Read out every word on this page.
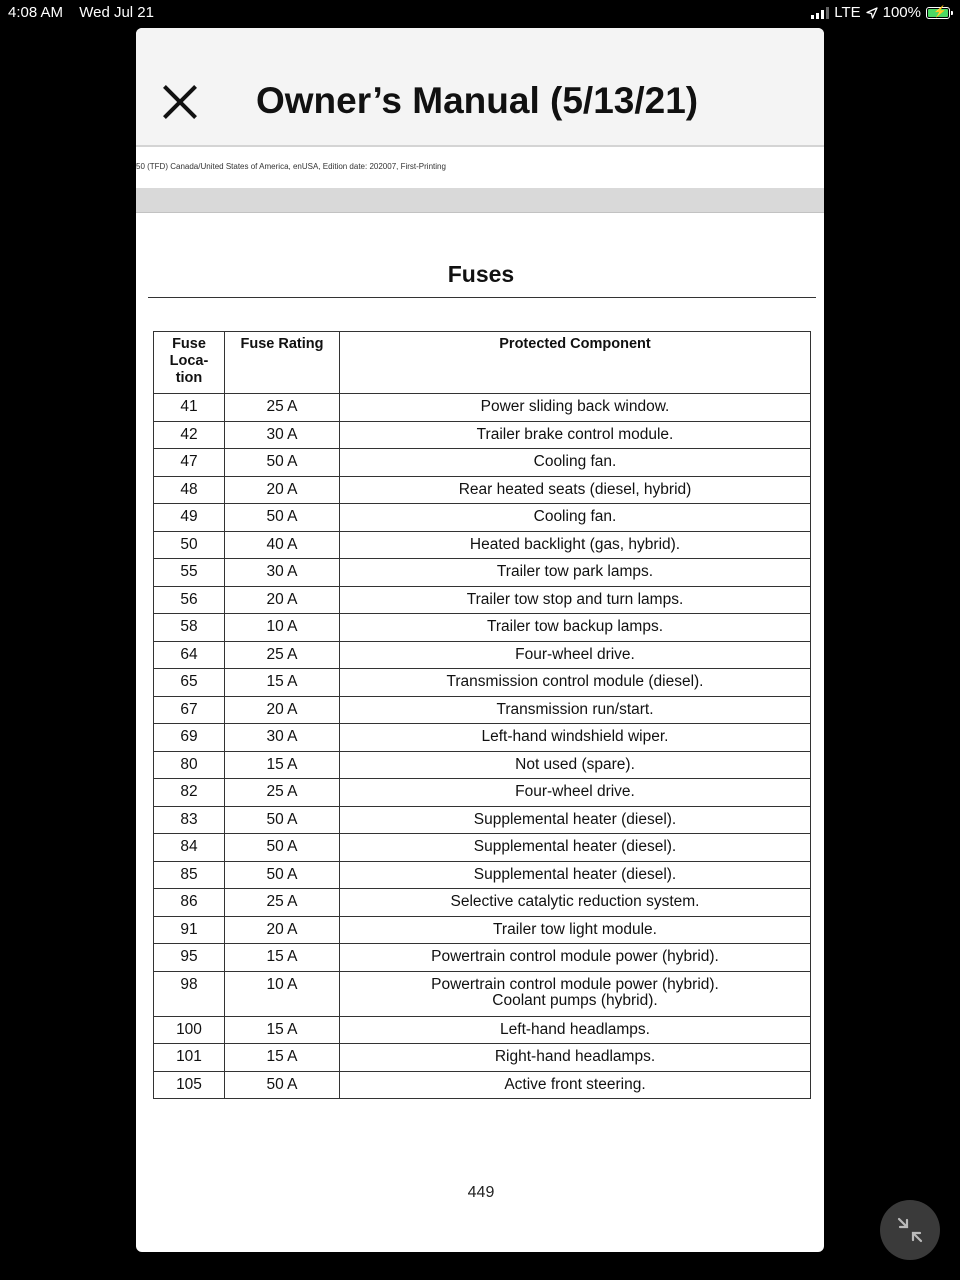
4:08 AM Wed Jul 21	LTE 100% ⚡
Owner’s Manual (5/13/21)
50 (TFD) Canada/United States of America, enUSA, Edition date: 202007, First-Printing
Fuses
Fuse
Loca-
tion	Fuse Rating	Protected Component
41	25 A	Power sliding back window.
42	30 A	Trailer brake control module.
47	50 A	Cooling fan.
48	20 A	Rear heated seats (diesel, hybrid)
49	50 A	Cooling fan.
50	40 A	Heated backlight (gas, hybrid).
55	30 A	Trailer tow park lamps.
56	20 A	Trailer tow stop and turn lamps.
58	10 A	Trailer tow backup lamps.
64	25 A	Four-wheel drive.
65	15 A	Transmission control module (diesel).
67	20 A	Transmission run/start.
69	30 A	Left-hand windshield wiper.
80	15 A	Not used (spare).
82	25 A	Four-wheel drive.
83	50 A	Supplemental heater (diesel).
84	50 A	Supplemental heater (diesel).
85	50 A	Supplemental heater (diesel).
86	25 A	Selective catalytic reduction system.
91	20 A	Trailer tow light module.
95	15 A	Powertrain control module power (hybrid).
98	10 A	Powertrain control module power (hybrid).
Coolant pumps (hybrid).
100	15 A	Left-hand headlamps.
101	15 A	Right-hand headlamps.
105	50 A	Active front steering.
449
